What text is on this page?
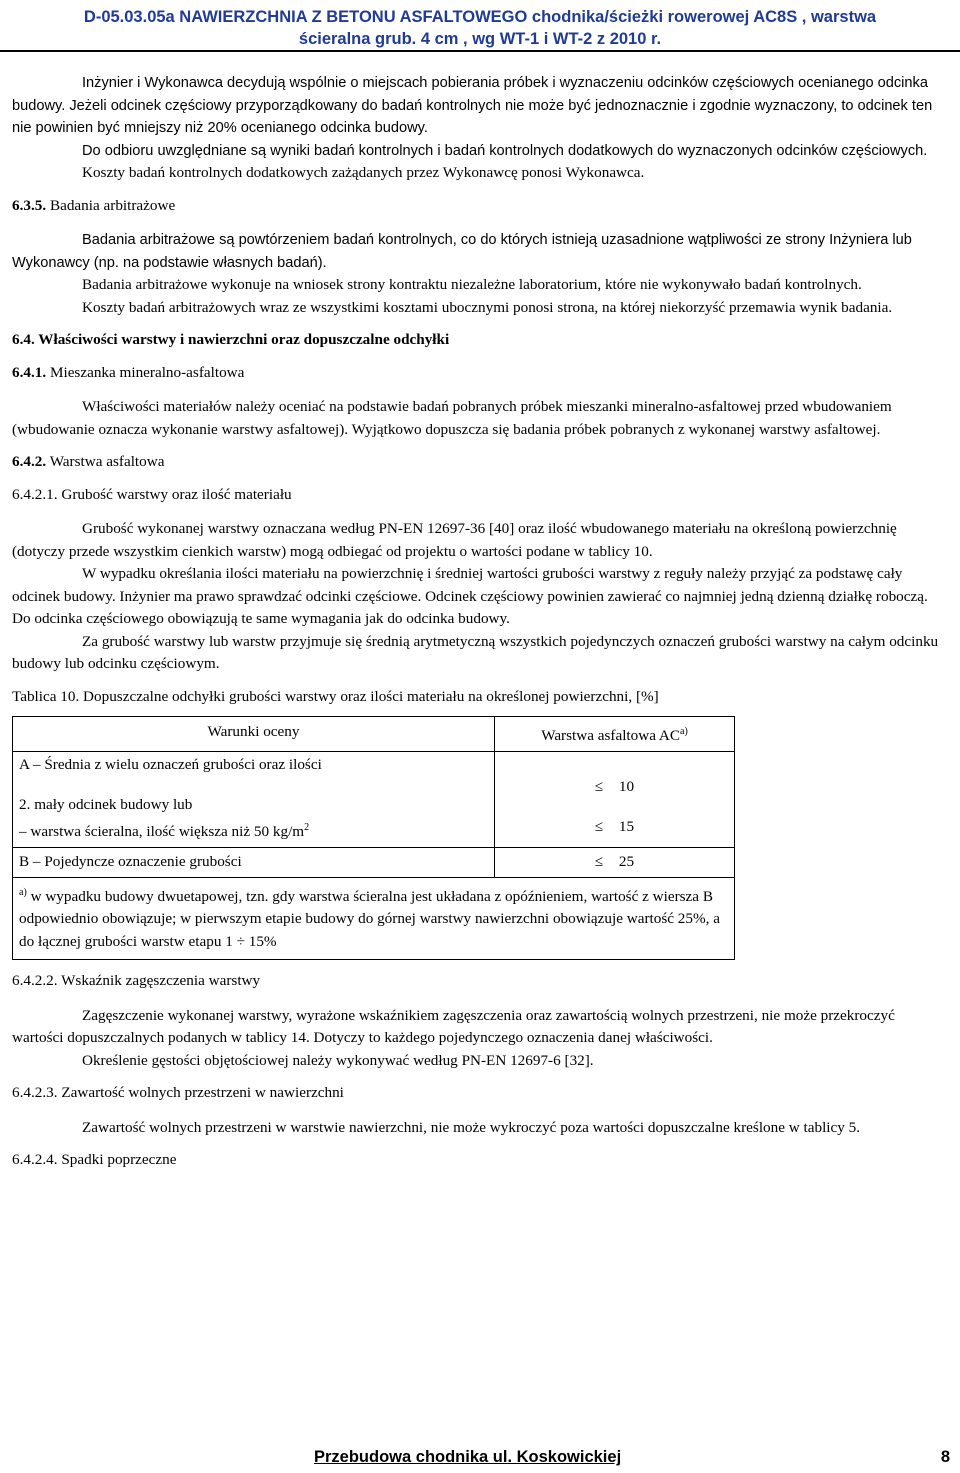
D-05.03.05a NAWIERZCHNIA Z BETONU ASFALTOWEGO chodnika/ścieżki rowerowej AC8S , warstwa
ścieralna grub. 4 cm , wg WT-1 i WT-2 z 2010 r.

Inżynier i Wykonawca decydują wspólnie o miejscach pobierania próbek i wyznaczeniu odcinków częściowych ocenianego odcinka budowy. Jeżeli odcinek częściowy przyporządkowany do badań kontrolnych nie może być jednoznacznie i zgodnie wyznaczony, to odcinek ten nie powinien być mniejszy niż 20% ocenianego odcinka budowy.

Do odbioru uwzględniane są wyniki badań kontrolnych i badań kontrolnych dodatkowych do wyznaczonych odcinków częściowych.

Koszty badań kontrolnych dodatkowych zażądanych przez Wykonawcę ponosi Wykonawca.

6.3.5. Badania arbitrażowe

Badania arbitrażowe są powtórzeniem badań kontrolnych, co do których istnieją uzasadnione wątpliwości ze strony Inżyniera lub Wykonawcy (np. na podstawie własnych badań).

Badania arbitrażowe wykonuje na wniosek strony kontraktu niezależne laboratorium, które nie wykonywało badań kontrolnych.

Koszty badań arbitrażowych wraz ze wszystkimi kosztami ubocznymi ponosi strona, na której niekorzyść przemawia wynik badania.

6.4. Właściwości warstwy i nawierzchni oraz dopuszczalne odchyłki

6.4.1. Mieszanka mineralno-asfaltowa

Właściwości materiałów należy oceniać na podstawie badań pobranych próbek mieszanki mineralno-asfaltowej przed wbudowaniem (wbudowanie oznacza wykonanie warstwy asfaltowej). Wyjątkowo dopuszcza się badania próbek pobranych z wykonanej warstwy asfaltowej.

6.4.2. Warstwa asfaltowa

6.4.2.1. Grubość warstwy oraz ilość materiału

Grubość wykonanej warstwy oznaczana według PN-EN 12697-36 [40] oraz ilość wbudowanego materiału na określoną powierzchnię (dotyczy przede wszystkim cienkich warstw) mogą odbiegać od projektu o wartości podane w tablicy 10.

W wypadku określania ilości materiału na powierzchnię i średniej wartości grubości warstwy z reguły należy przyjąć za podstawę cały odcinek budowy. Inżynier ma prawo sprawdzać odcinki częściowe. Odcinek częściowy powinien zawierać co najmniej jedną dzienną działkę roboczą. Do odcinka częściowego obowiązują te same wymagania jak do odcinka budowy.

Za grubość warstwy lub warstw przyjmuje się średnią arytmetyczną wszystkich pojedynczych oznaczeń grubości warstwy na całym odcinku budowy lub odcinku częściowym.

Tablica 10. Dopuszczalne odchyłki grubości warstwy oraz ilości materiału na określonej powierzchni, [%]

Warunki oceny	Warstwa asfaltowa AC$^{a)}$
A – Średnia z wielu oznaczeń grubości oraz ilości
2. mały odcinek budowy lub
– warstwa ścieralna, ilość większa niż 50 $kg/m^2$
≤ 10
≤ 15
B – Pojedyncze oznaczenie grubości
≤	25
$^{a)}$ w wypadku budowy dwuetapowej, tzn. gdy warstwa ścieralna jest układana z opóźnieniem, wartość z wiersza B odpowiednio obowiązuje; w pierwszym etapie budowy do górnej warstwy nawierzchni obowiązuje wartość 25%, a do łącznej grubości warstw etapu 1 ÷ 15%

6.4.2.2. Wskaźnik zagęszczenia warstwy

Zagęszczenie wykonanej warstwy, wyrażone wskaźnikiem zagęszczenia oraz zawartością wolnych przestrzeni, nie może przekroczyć wartości dopuszczalnych podanych w tablicy 14. Dotyczy to każdego pojedynczego oznaczenia danej właściwości.

Określenie gęstości objętościowej należy wykonywać według PN-EN 12697-6 [32].

6.4.2.3. Zawartość wolnych przestrzeni w nawierzchni

Zawartość wolnych przestrzeni w warstwie nawierzchni, nie może wykroczyć poza wartości dopuszczalne kreślone w tablicy 5.

6.4.2.4. Spadki poprzeczne

Przebudowa chodnika ul. Koskowickiej	8
